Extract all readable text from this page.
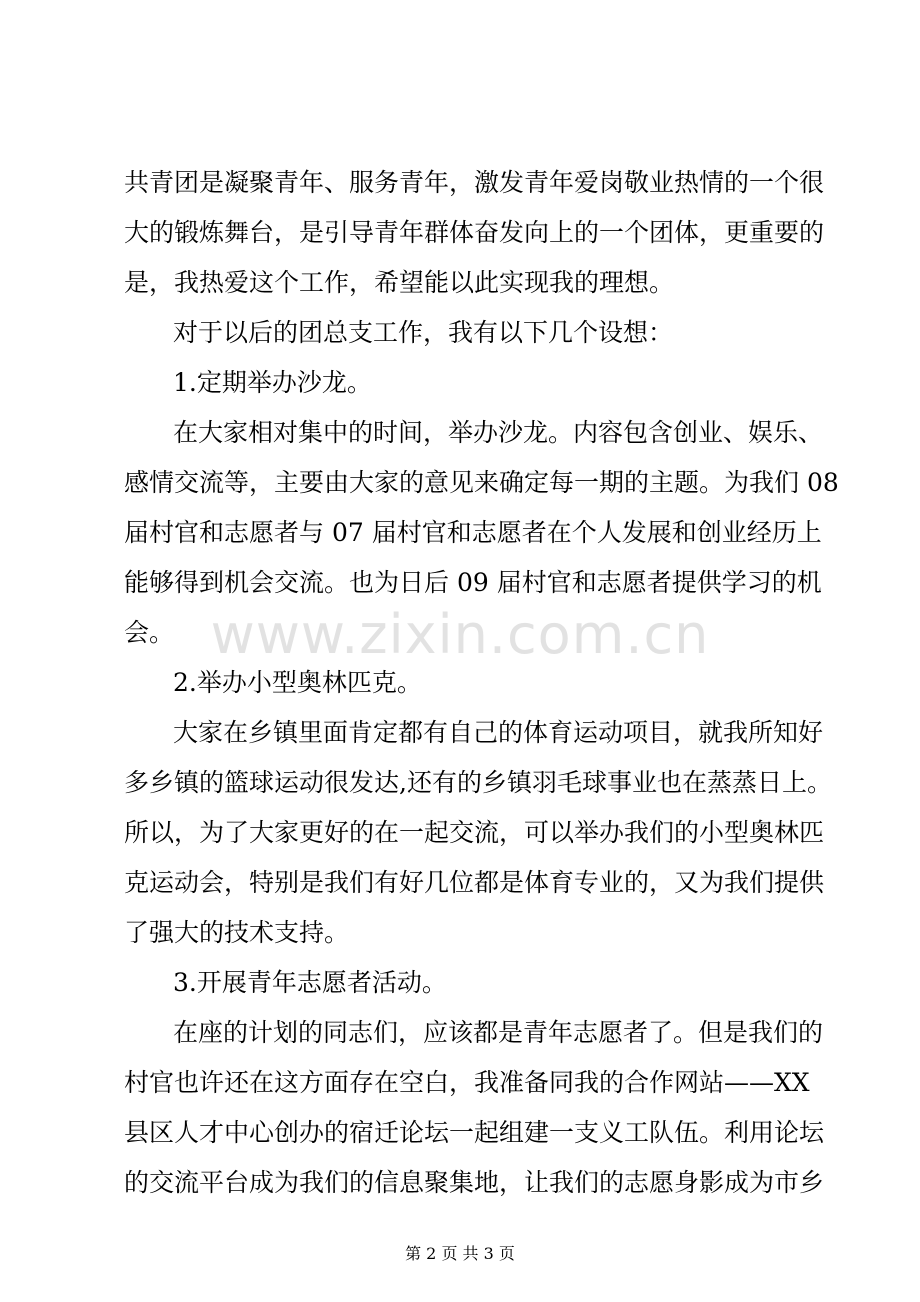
www.zixin.com.cn
共青团是凝聚青年、服务青年，激发青年爱岗敬业热情的一个很
大的锻炼舞台，是引导青年群体奋发向上的一个团体，更重要的
是，我热爱这个工作，希望能以此实现我的理想。
对于以后的团总支工作，我有以下几个设想：
1.定期举办沙龙。
在大家相对集中的时间，举办沙龙。内容包含创业、娱乐、
感情交流等，主要由大家的意见来确定每一期的主题。为我们 08
届村官和志愿者与 07 届村官和志愿者在个人发展和创业经历上
能够得到机会交流。也为日后 09 届村官和志愿者提供学习的机
会。
2.举办小型奥林匹克。
大家在乡镇里面肯定都有自己的体育运动项目，就我所知好
多乡镇的篮球运动很发达,还有的乡镇羽毛球事业也在蒸蒸日上。
所以，为了大家更好的在一起交流，可以举办我们的小型奥林匹
克运动会，特别是我们有好几位都是体育专业的，又为我们提供
了强大的技术支持。
3.开展青年志愿者活动。
在座的计划的同志们，应该都是青年志愿者了。但是我们的
村官也许还在这方面存在空白，我准备同我的合作网站——XX
县区人才中心创办的宿迁论坛一起组建一支义工队伍。利用论坛
的交流平台成为我们的信息聚集地，让我们的志愿身影成为市乡
第 2 页 共 3 页
